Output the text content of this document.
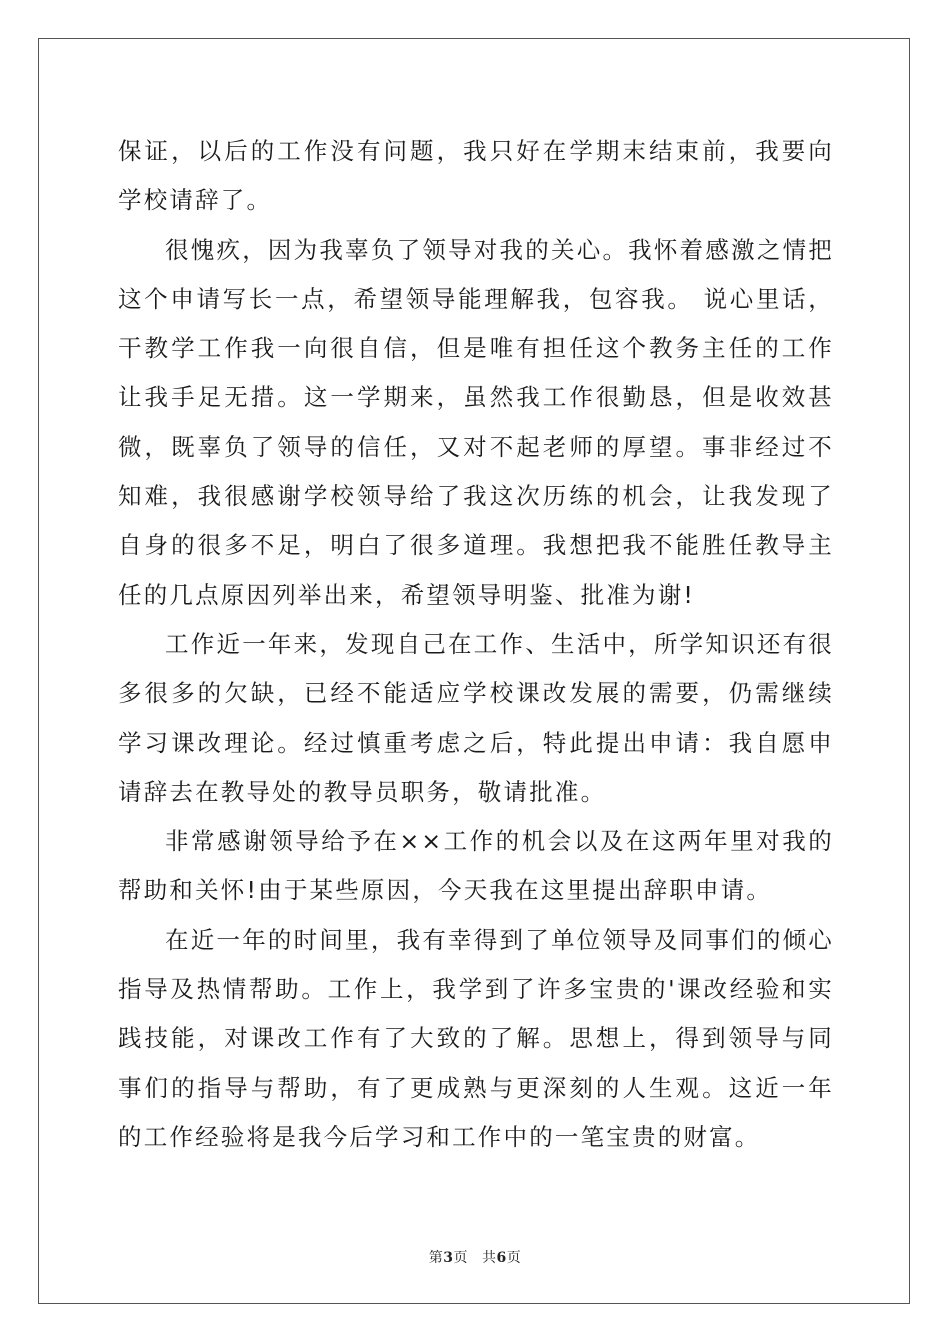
保证，以后的工作没有问题，我只好在学期末结束前，我要向学校请辞了。

很愧疚，因为我辜负了领导对我的关心。我怀着感激之情把这个申请写长一点，希望领导能理解我，包容我。 说心里话，干教学工作我一向很自信，但是唯有担任这个教务主任的工作让我手足无措。这一学期来，虽然我工作很勤恳，但是收效甚微，既辜负了领导的信任，又对不起老师的厚望。事非经过不知难，我很感谢学校领导给了我这次历练的机会，让我发现了自身的很多不足，明白了很多道理。我想把我不能胜任教导主任的几点原因列举出来，希望领导明鉴、批准为谢!

工作近一年来，发现自己在工作、生活中，所学知识还有很多很多的欠缺，已经不能适应学校课改发展的需要，仍需继续学习课改理论。经过慎重考虑之后，特此提出申请：我自愿申请辞去在教导处的教导员职务，敬请批准。

非常感谢领导给予在××工作的机会以及在这两年里对我的帮助和关怀!由于某些原因，今天我在这里提出辞职申请。

在近一年的时间里，我有幸得到了单位领导及同事们的倾心指导及热情帮助。工作上，我学到了许多宝贵的'课改经验和实践技能，对课改工作有了大致的了解。思想上，得到领导与同事们的指导与帮助，有了更成熟与更深刻的人生观。这近一年的工作经验将是我今后学习和工作中的一笔宝贵的财富。

第3页 共6页
